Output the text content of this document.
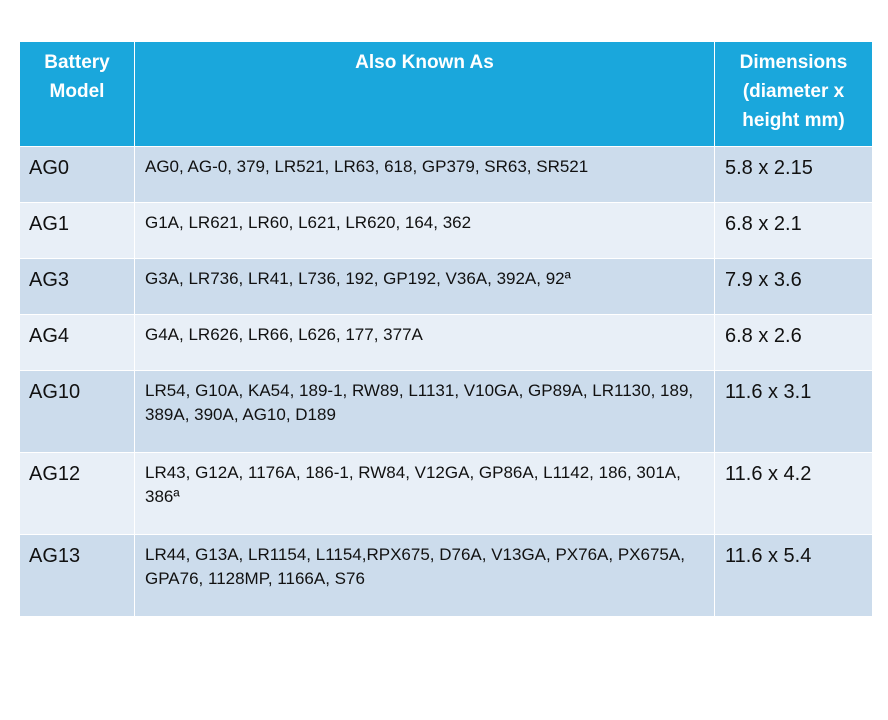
Battery Model	Also Known As	Dimensions (diameter x height mm)
AG0	AG0, AG-0, 379, LR521, LR63, 618, GP379, SR63, SR521	5.8 x 2.15
AG1	G1A, LR621, LR60, L621, LR620, 164, 362	6.8 x 2.1
AG3	G3A, LR736, LR41, L736, 192, GP192, V36A, 392A, 92ª	7.9 x 3.6
AG4	G4A, LR626, LR66, L626, 177, 377A	6.8 x 2.6
AG10	LR54, G10A, KA54, 189-1, RW89, L1131, V10GA, GP89A, LR1130, 189, 389A, 390A, AG10, D189	11.6 x 3.1
AG12	LR43, G12A, 1176A, 186-1, RW84, V12GA, GP86A, L1142, 186, 301A, 386ª	11.6 x 4.2
AG13	LR44, G13A, LR1154, L1154,RPX675, D76A, V13GA, PX76A, PX675A, GPA76, 1128MP, 1166A, S76	11.6 x 5.4
